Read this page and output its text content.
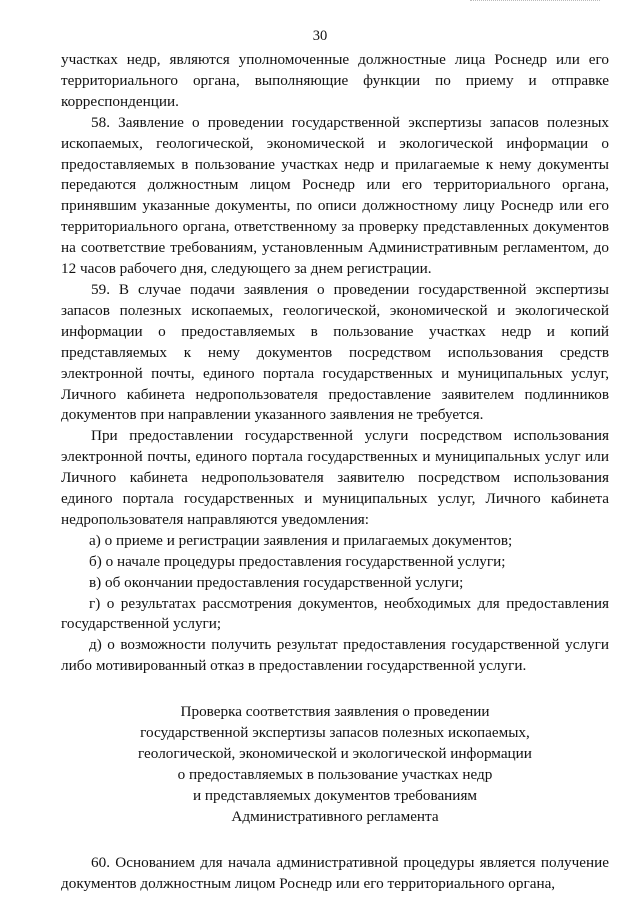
30

участках недр, являются уполномоченные должностные лица Роснедр или его территориального органа, выполняющие функции по приему и отправке корреспонденции.

58. Заявление о проведении государственной экспертизы запасов полезных ископаемых, геологической, экономической и экологической информации о предоставляемых в пользование участках недр и прилагаемые к нему документы передаются должностным лицом Роснедр или его территориального органа, принявшим указанные документы, по описи должностному лицу Роснедр или его территориального органа, ответственному за проверку представленных документов на соответствие требованиям, установленным Административным регламентом, до 12 часов рабочего дня, следующего за днем регистрации.

59. В случае подачи заявления о проведении государственной экспертизы запасов полезных ископаемых, геологической, экономической и экологической информации о предоставляемых в пользование участках недр и копий представляемых к нему документов посредством использования средств электронной почты, единого портала государственных и муниципальных услуг, Личного кабинета недропользователя предоставление заявителем подлинников документов при направлении указанного заявления не требуется.

При предоставлении государственной услуги посредством использования электронной почты, единого портала государственных и муниципальных услуг или Личного кабинета недропользователя заявителю посредством использования единого портала государственных и муниципальных услуг, Личного кабинета недропользователя направляются уведомления:

а) о приеме и регистрации заявления и прилагаемых документов;

б) о начале процедуры предоставления государственной услуги;

в) об окончании предоставления государственной услуги;

г) о результатах рассмотрения документов, необходимых для предоставления государственной услуги;

д) о возможности получить результат предоставления государственной услуги либо мотивированный отказ в предоставлении государственной услуги.

Проверка соответствия заявления о проведении
государственной экспертизы запасов полезных ископаемых,
геологической, экономической и экологической информации
о предоставляемых в пользование участках недр
и представляемых документов требованиям
Административного регламента

60. Основанием для начала административной процедуры является получение документов должностным лицом Роснедр или его территориального органа,
